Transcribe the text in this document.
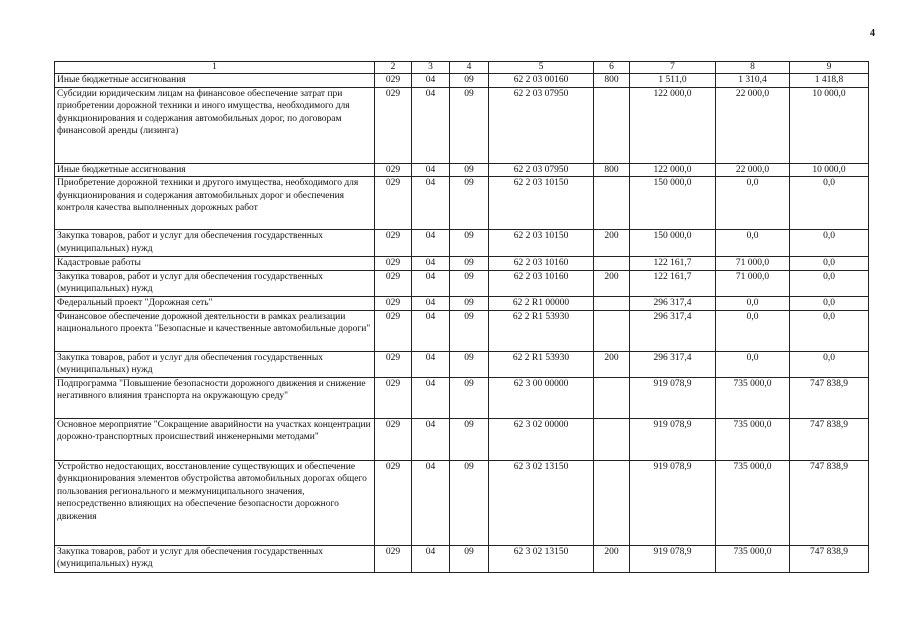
4
1	2	3	4	5	6	7	8	9
Иные бюджетные ассигнования	029	04	09	62 2 03 00160	800	1 511,0	1 310,4	1 418,8
Субсидии юридическим лицам на финансовое обеспечение затрат при приобретении дорожной техники и иного имущества, необходимого для функционирования и содержания автомобильных дорог, по договорам финансовой аренды (лизинга)	029	04	09	62 2 03 07950		122 000,0	22 000,0	10 000,0
Иные бюджетные ассигнования	029	04	09	62 2 03 07950	800	122 000,0	22 000,0	10 000,0
Приобретение дорожной техники и другого имущества, необходимого для функционирования и содержания автомобильных дорог и обеспечения контроля качества выполненных дорожных работ	029	04	09	62 2 03 10150		150 000,0	0,0	0,0
Закупка товаров, работ и услуг для обеспечения государственных (муниципальных) нужд	029	04	09	62 2 03 10150	200	150 000,0	0,0	0,0
Кадастровые работы	029	04	09	62 2 03 10160		122 161,7	71 000,0	0,0
Закупка товаров, работ и услуг для обеспечения государственных (муниципальных) нужд	029	04	09	62 2 03 10160	200	122 161,7	71 000,0	0,0
Федеральный проект "Дорожная сеть"	029	04	09	62 2 R1 00000		296 317,4	0,0	0,0
Финансовое обеспечение дорожной деятельности в рамках реализации национального проекта "Безопасные и качественные автомобильные дороги"	029	04	09	62 2 R1 53930		296 317,4	0,0	0,0
Закупка товаров, работ и услуг для обеспечения государственных (муниципальных) нужд	029	04	09	62 2 R1 53930	200	296 317,4	0,0	0,0
Подпрограмма "Повышение безопасности дорожного движения и снижение негативного влияния транспорта на окружающую среду"	029	04	09	62 3 00 00000		919 078,9	735 000,0	747 838,9
Основное мероприятие "Сокращение аварийности на участках концентрации дорожно-транспортных происшествий инженерными методами"	029	04	09	62 3 02 00000		919 078,9	735 000,0	747 838,9
Устройство недостающих, восстановление существующих и обеспечение функционирования элементов обустройства автомобильных дорогах общего пользования регионального и межмуниципального значения, непосредственно влияющих на обеспечение безопасности дорожного движения	029	04	09	62 3 02 13150		919 078,9	735 000,0	747 838,9
Закупка товаров, работ и услуг для обеспечения государственных (муниципальных) нужд	029	04	09	62 3 02 13150	200	919 078,9	735 000,0	747 838,9
